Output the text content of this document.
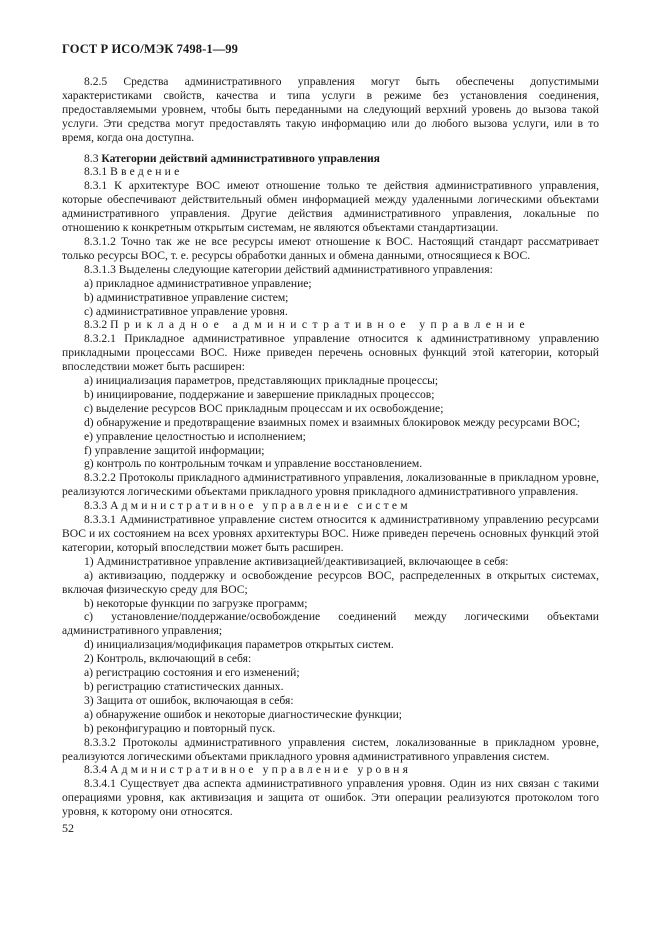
ГОСТ Р ИСО/МЭК 7498-1—99

8.2.5 Средства административного управления могут быть обеспечены допустимыми характеристиками свойств, качества и типа услуги в режиме без установления соединения, предоставляемыми уровнем, чтобы быть переданными на следующий верхний уровень до вызова такой услуги. Эти средства могут предоставлять такую информацию или до любого вызова услуги, или в то время, когда она доступна.

8.3 Категории действий административного управления

8.3.1 Введение

8.3.1 К архитектуре ВОС имеют отношение только те действия административного управления, которые обеспечивают действительный обмен информацией между удаленными логическими объектами административного управления. Другие действия административного управления, локальные по отношению к конкретным открытым системам, не являются объектами стандартизации.

8.3.1.2 Точно так же не все ресурсы имеют отношение к ВОС. Настоящий стандарт рассматривает только ресурсы ВОС, т. е. ресурсы обработки данных и обмена данными, относящиеся к ВОС.

8.3.1.3 Выделены следующие категории действий административного управления:

а) прикладное административное управление;

b) административное управление систем;

с) административное управление уровня.

8.3.2 Прикладное административное управление

8.3.2.1 Прикладное административное управление относится к административному управлению прикладными процессами ВОС. Ниже приведен перечень основных функций этой категории, который впоследствии может быть расширен:

а) инициализация параметров, представляющих прикладные процессы;

b) инициирование, поддержание и завершение прикладных процессов;

с) выделение ресурсов ВОС прикладным процессам и их освобождение;

d) обнаружение и предотвращение взаимных помех и взаимных блокировок между ресурсами ВОС;

е) управление целостностью и исполнением;

f) управление защитой информации;

g) контроль по контрольным точкам и управление восстановлением.

8.3.2.2 Протоколы прикладного административного управления, локализованные в прикладном уровне, реализуются логическими объектами прикладного уровня прикладного административного управления.

8.3.3 Административное управление систем

8.3.3.1 Административное управление систем относится к административному управлению ресурсами ВОС и их состоянием на всех уровнях архитектуры ВОС. Ниже приведен перечень основных функций этой категории, который впоследствии может быть расширен.

1) Административное управление активизацией/деактивизацией, включающее в себя:

а) активизацию, поддержку и освобождение ресурсов ВОС, распределенных в открытых системах, включая физическую среду для ВОС;

b) некоторые функции по загрузке программ;

с) установление/поддержание/освобождение соединений между логическими объектами административного управления;

d) инициализация/модификация параметров открытых систем.

2) Контроль, включающий в себя:

а) регистрацию состояния и его изменений;

b) регистрацию статистических данных.

3) Защита от ошибок, включающая в себя:

а) обнаружение ошибок и некоторые диагностические функции;

b) реконфигурацию и повторный пуск.

8.3.3.2 Протоколы административного управления систем, локализованные в прикладном уровне, реализуются логическими объектами прикладного уровня административного управления систем.

8.3.4 Административное управление уровня

8.3.4.1 Существует два аспекта административного управления уровня. Один из них связан с такими операциями уровня, как активизация и защита от ошибок. Эти операции реализуются протоколом того уровня, к которому они относятся.

52
